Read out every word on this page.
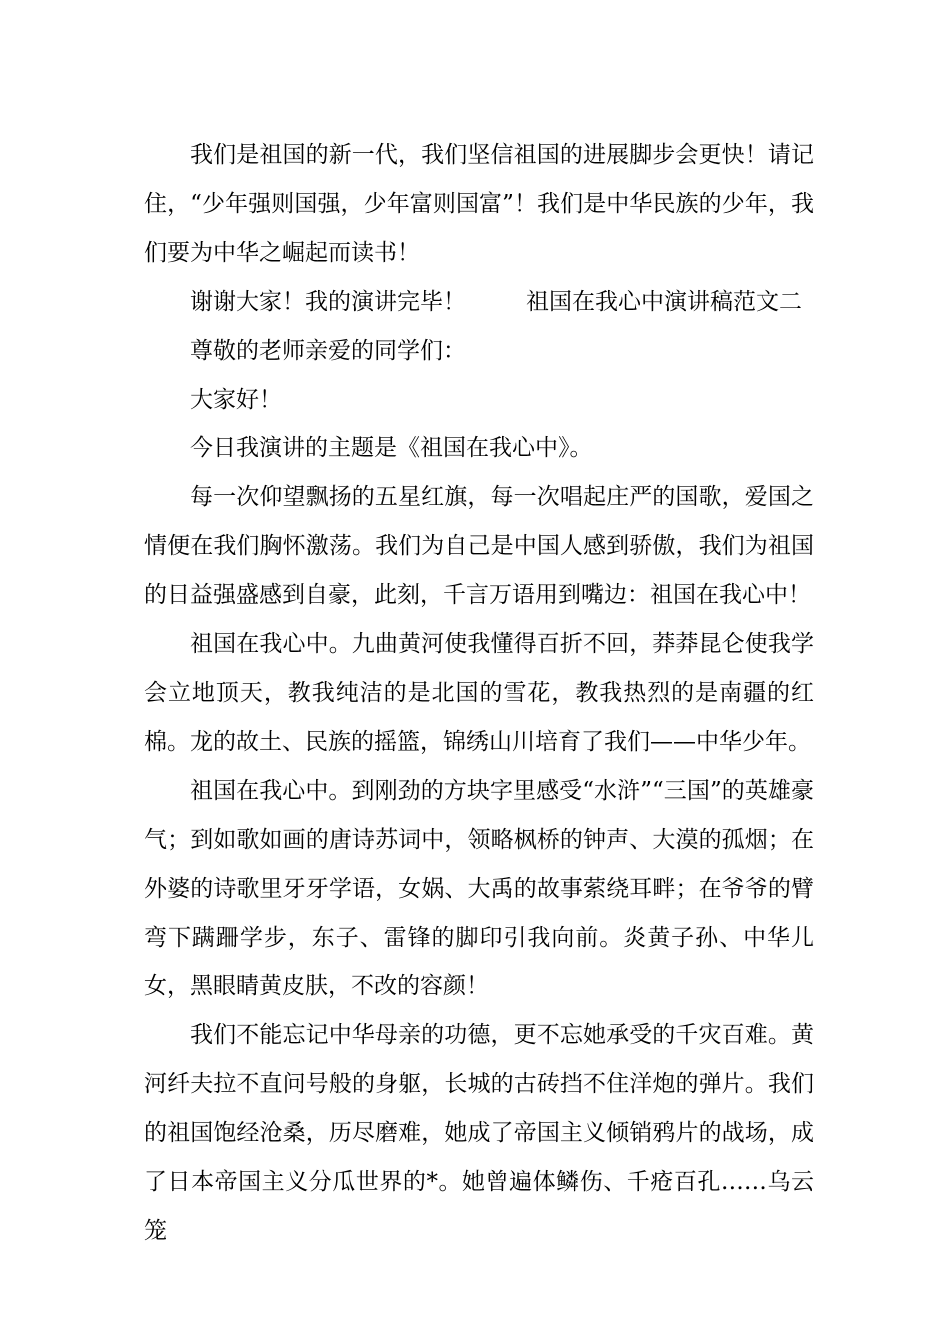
我们是祖国的新一代，我们坚信祖国的进展脚步会更快！请记住，“少年强则国强，少年富则国富”！我们是中华民族的少年，我们要为中华之崛起而读书！

谢谢大家！我的演讲完毕！	祖国在我心中演讲稿范文二

尊敬的老师亲爱的同学们：

大家好！

今日我演讲的主题是《祖国在我心中》。

每一次仰望飘扬的五星红旗，每一次唱起庄严的国歌，爱国之情便在我们胸怀激荡。我们为自己是中国人感到骄傲，我们为祖国的日益强盛感到自豪，此刻，千言万语用到嘴边：祖国在我心中！

祖国在我心中。九曲黄河使我懂得百折不回，莽莽昆仑使我学会立地顶天，教我纯洁的是北国的雪花，教我热烈的是南疆的红棉。龙的故土、民族的摇篮，锦绣山川培育了我们——中华少年。

祖国在我心中。到刚劲的方块字里感受“水浒”“三国”的英雄豪气；到如歌如画的唐诗苏词中，领略枫桥的钟声、大漠的孤烟；在外婆的诗歌里牙牙学语，女娲、大禹的故事萦绕耳畔；在爷爷的臂弯下蹒跚学步，东子、雷锋的脚印引我向前。炎黄子孙、中华儿女，黑眼睛黄皮肤，不改的容颜！

我们不能忘记中华母亲的功德，更不忘她承受的千灾百难。黄河纤夫拉不直问号般的身躯，长城的古砖挡不住洋炮的弹片。我们的祖国饱经沧桑，历尽磨难，她成了帝国主义倾销鸦片的战场，成了日本帝国主义分瓜世界的*。她曾遍体鳞伤、千疮百孔……乌云笼
